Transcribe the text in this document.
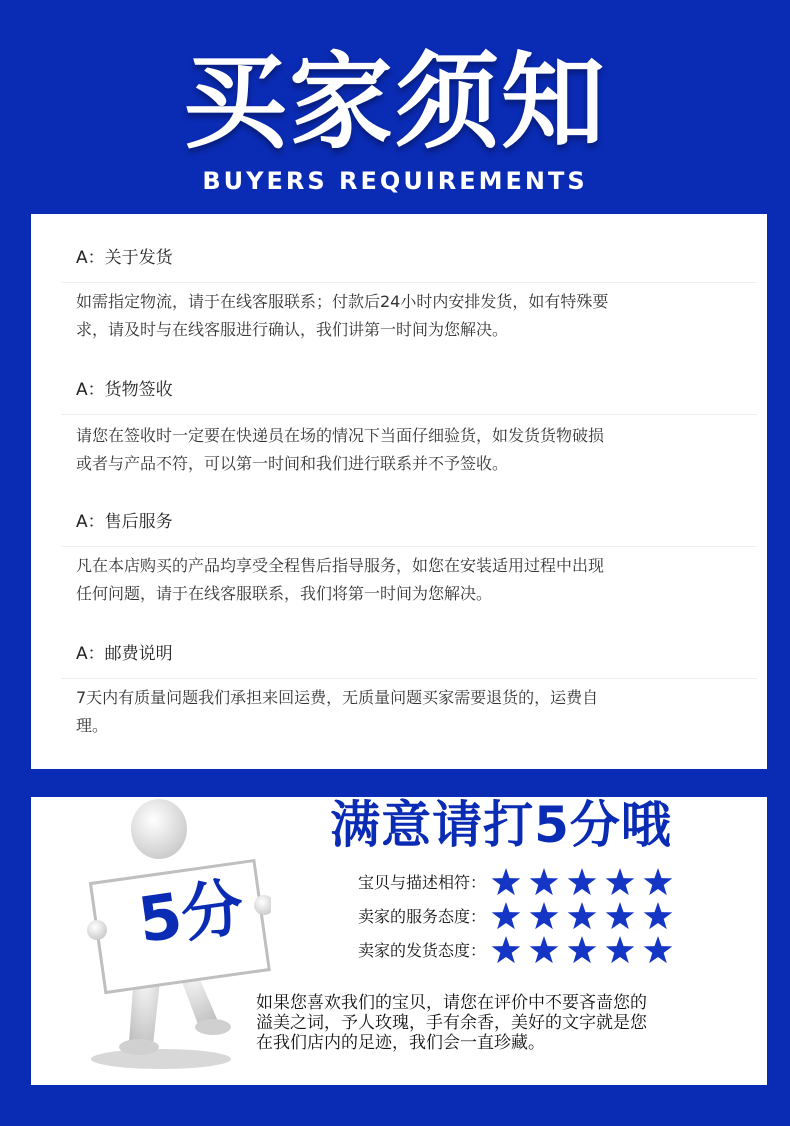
买家须知
BUYERS REQUIREMENTS
A：关于发货
如需指定物流，请于在线客服联系；付款后24小时内安排发货，如有特殊要
求，请及时与在线客服进行确认，我们讲第一时间为您解决。
A：货物签收
请您在签收时一定要在快递员在场的情况下当面仔细验货，如发货货物破损
或者与产品不符，可以第一时间和我们进行联系并不予签收。
A：售后服务
凡在本店购买的产品均享受全程售后指导服务，如您在安装适用过程中出现
任何问题，请于在线客服联系，我们将第一时间为您解决。
A：邮费说明
7天内有质量问题我们承担来回运费，无质量问题买家需要退货的，运费自
理。
5分
满意请打5分哦
宝贝与描述相符：
卖家的服务态度：
卖家的发货态度：
如果您喜欢我们的宝贝，请您在评价中不要吝啬您的
溢美之词，予人玫瑰，手有余香，美好的文字就是您
在我们店内的足迹，我们会一直珍藏。
